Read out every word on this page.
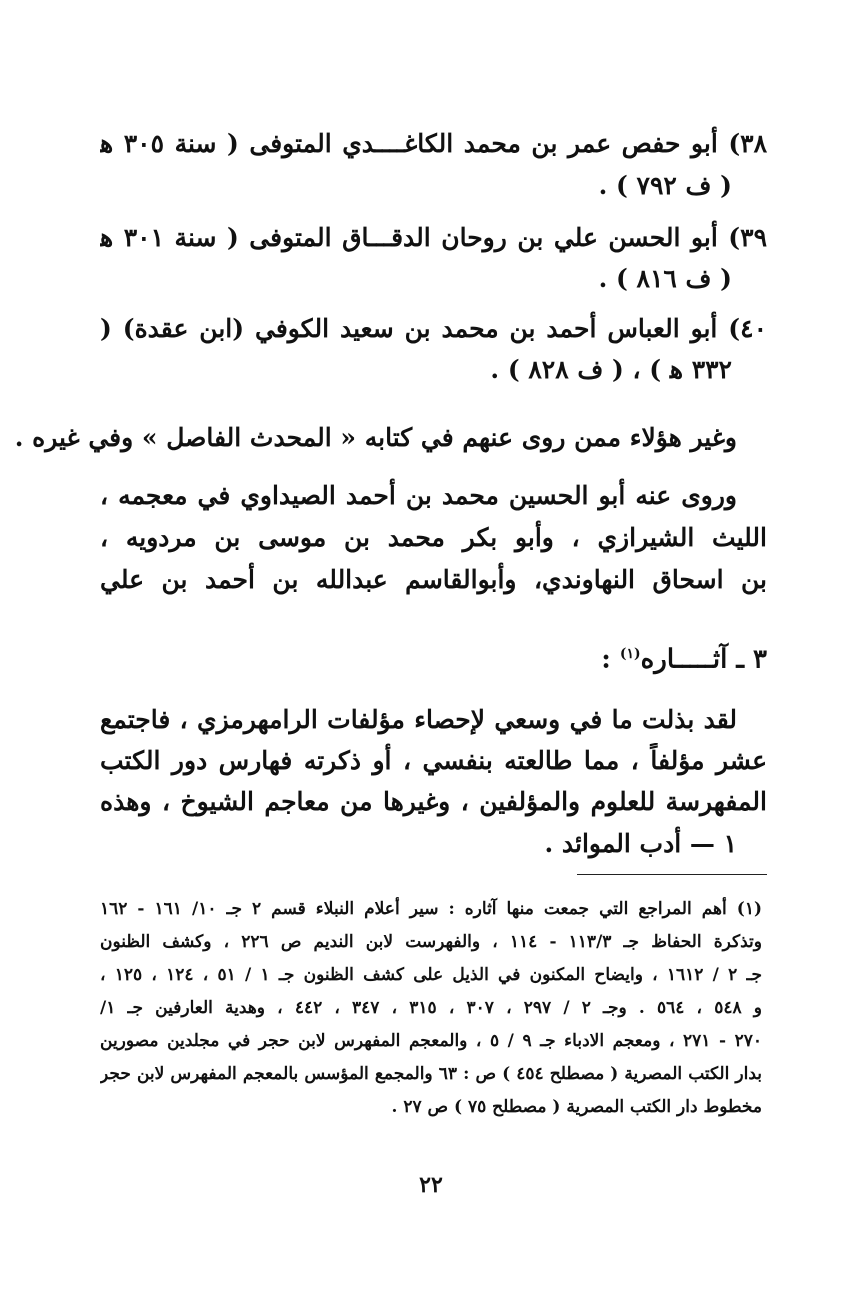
٣٨) أبو حفص عمر بن محمد الكاغــــدي المتوفى ( سنة ٣٠٥ ﻫ
( ف ٧٩٢ ) .
٣٩) أبو الحسن علي بن روحان الدقـــاق المتوفى ( سنة ٣٠١ ﻫ
( ف ٨١٦ ) .
٤٠) أبو العباس أحمد بن محمد بن سعيد الكوفي (ابن عقدة) (
٣٣٢ ﻫ ) ، ( ف ٨٢٨ ) .
وغير هؤلاء ممن روى عنهم في كتابه « المحدث الفاصل » وفي غيره .
وروى عنه أبو الحسين محمد بن أحمد الصيداوي في معجمه ،
الليث الشيرازي ، وأبو بكر محمد بن موسى بن مردويه ،
بن اسحاق النهاوندي، وأبوالقاسم عبدالله بن أحمد بن علي
٣ ـ آثـــــاره$^{(١)}$ :
لقد بذلت ما في وسعي لإحصاء مؤلفات الرامهرمزي ، فاجتمع
عشر مؤلفاً ، مما طالعته بنفسي ، أو ذكرته فهارس دور الكتب
المفهرسة للعلوم والمؤلفين ، وغيرها من معاجم الشيوخ ، وهذه
١ — أدب الموائد .
(١) أهم المراجع التي جمعت منها آثاره : سير أعلام النبلاء قسم ٢ جـ ١٠/ ١٦١ - ١٦٢
وتذكرة الحفاظ جـ ١١٣/٣ - ١١٤ ، والفهرست لابن النديم ص ٢٢٦ ، وكشف الظنون
جـ ٢ / ١٦١٢ ، وايضاح المكنون في الذيل على كشف الظنون جـ ١ / ٥١ ، ١٢٤ ، ١٢٥ ،
و ٥٤٨ ، ٥٦٤ . وجـ ٢ / ٢٩٧ ، ٣٠٧ ، ٣١٥ ، ٣٤٧ ، ٤٤٢ ، وهدية العارفين جـ ١/
٢٧٠ - ٢٧١ ، ومعجم الادباء جـ ٩ / ٥ ، والمعجم المفهرس لابن حجر في مجلدين مصورين
بدار الكتب المصرية ( مصطلح ٤٥٤ ) ص : ٦٣ والمجمع المؤسس بالمعجم المفهرس لابن حجر
مخطوط دار الكتب المصرية ( مصطلح ٧٥ ) ص ٢٧ .
٢٢
